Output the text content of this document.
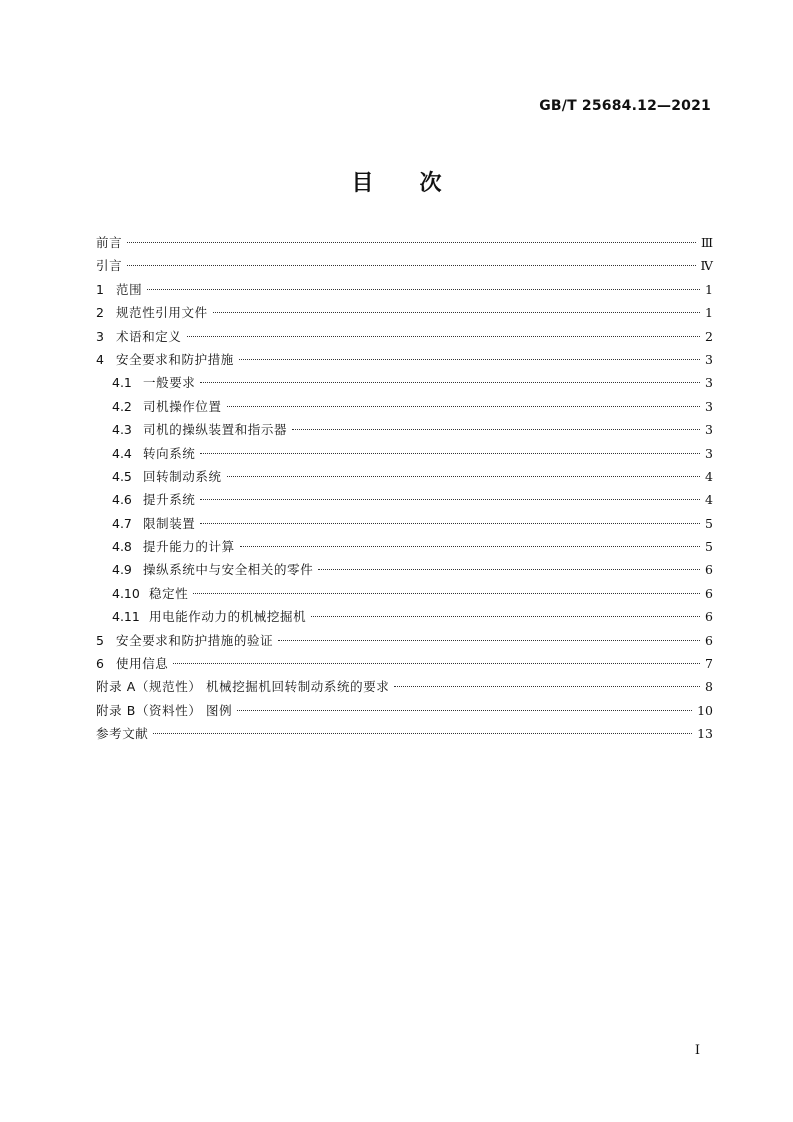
GB/T 25684.12—2021
目 次
前言	Ⅲ
引言	Ⅳ
1 范围	1
2 规范性引用文件	1
3 术语和定义	2
4 安全要求和防护措施	3
4.1 一般要求	3
4.2 司机操作位置	3
4.3 司机的操纵装置和指示器	3
4.4 转向系统	3
4.5 回转制动系统	4
4.6 提升系统	4
4.7 限制装置	5
4.8 提升能力的计算	5
4.9 操纵系统中与安全相关的零件	6
4.10 稳定性	6
4.11 用电能作动力的机械挖掘机	6
5 安全要求和防护措施的验证	6
6 使用信息	7
附录 A（规范性） 机械挖掘机回转制动系统的要求	8
附录 B（资料性） 图例	10
参考文献	13
I
